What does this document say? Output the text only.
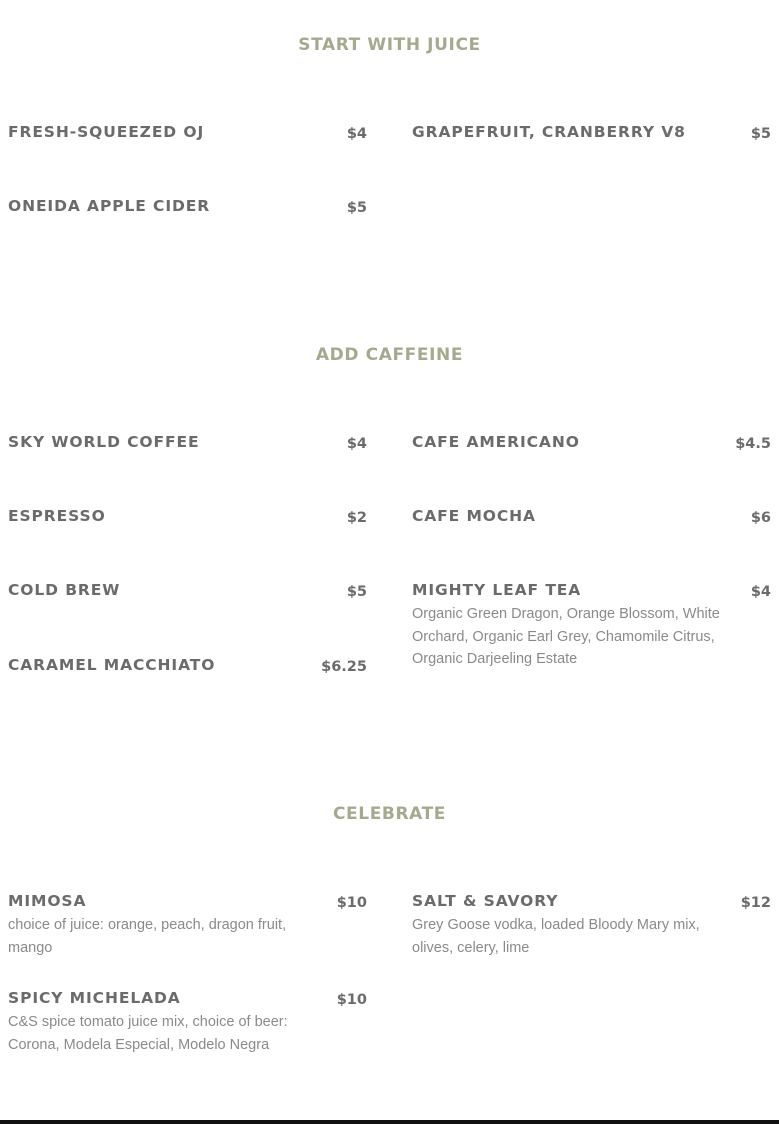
START WITH JUICE
FRESH-SQUEEZED OJ	$4	GRAPEFRUIT, CRANBERRY V8	$5
ONEIDA APPLE CIDER	$5
ADD CAFFEINE
SKY WORLD COFFEE	$4	CAFE AMERICANO	$4.5
ESPRESSO	$2	CAFE MOCHA	$6
COLD BREW	$5	MIGHTY LEAF TEA	$4
Organic Green Dragon, Orange Blossom, White Orchard, Organic Earl Grey, Chamomile Citrus, Organic Darjeeling Estate
CARAMEL MACCHIATO	$6.25
CELEBRATE
MIMOSA	$10
choice of juice: orange, peach, dragon fruit, mango
SALT & SAVORY	$12
Grey Goose vodka, loaded Bloody Mary mix, olives, celery, lime
SPICY MICHELADA	$10
C&S spice tomato juice mix, choice of beer: Corona, Modela Especial, Modelo Negra
